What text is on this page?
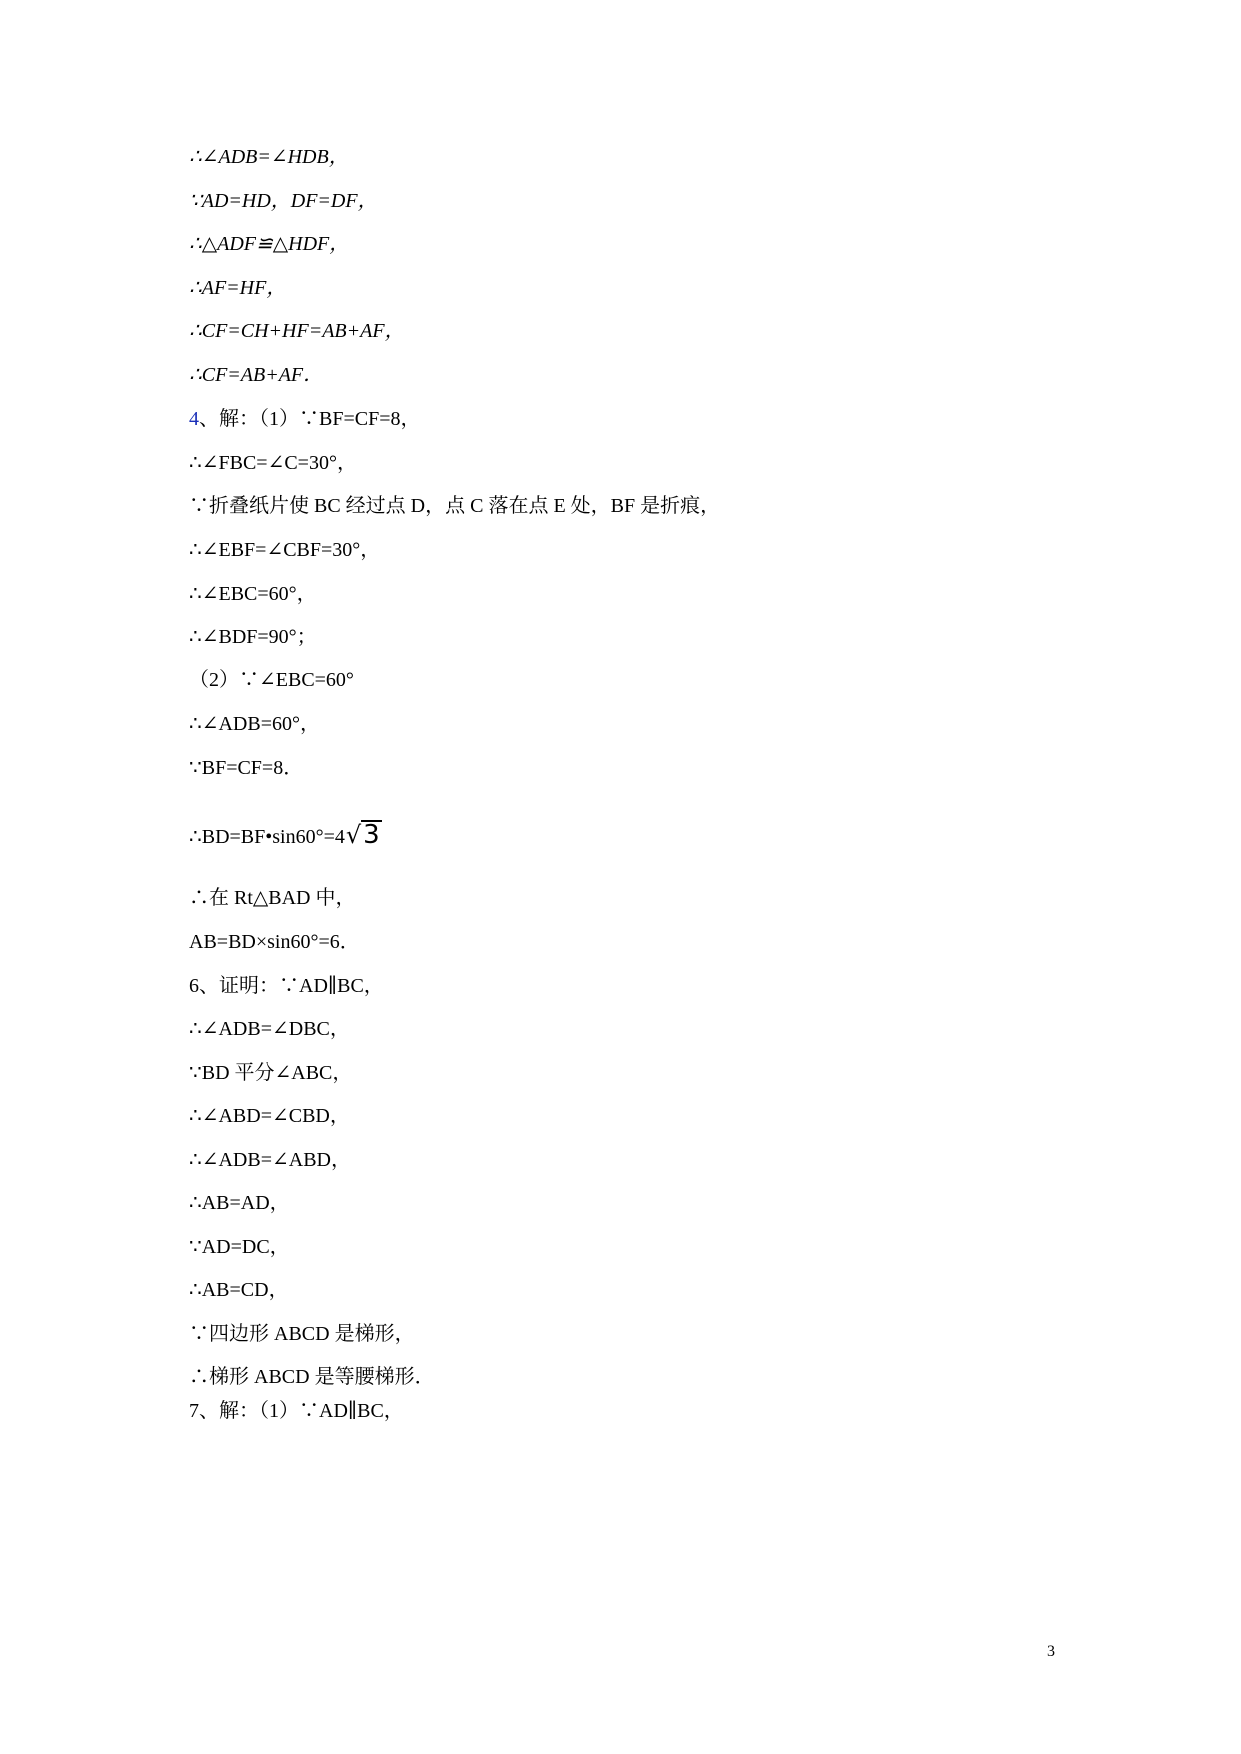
∴∠ADB=∠HDB，
∵AD=HD，DF=DF，
∴△ADF≌△HDF，
∴AF=HF，
∴CF=CH+HF=AB+AF，
∴CF=AB+AF．
4、解：（1）∵BF=CF=8，
∴∠FBC=∠C=30°，
∵折叠纸片使 BC 经过点 D，点 C 落在点 E 处，BF 是折痕，
∴∠EBF=∠CBF=30°，
∴∠EBC=60°，
∴∠BDF=90°；
（2）∵∠EBC=60°
∴∠ADB=60°，
∵BF=CF=8．
∴BD=BF•sin60°=4√3
∴在 Rt△BAD 中，
AB=BD×sin60°=6．
6、证明：∵AD∥BC，
∴∠ADB=∠DBC，
∵BD 平分∠ABC，
∴∠ABD=∠CBD，
∴∠ADB=∠ABD，
∴AB=AD，
∵AD=DC，
∴AB=CD，
∵四边形 ABCD 是梯形，
∴梯形 ABCD 是等腰梯形．
7、解：（1）∵AD∥BC，
3
